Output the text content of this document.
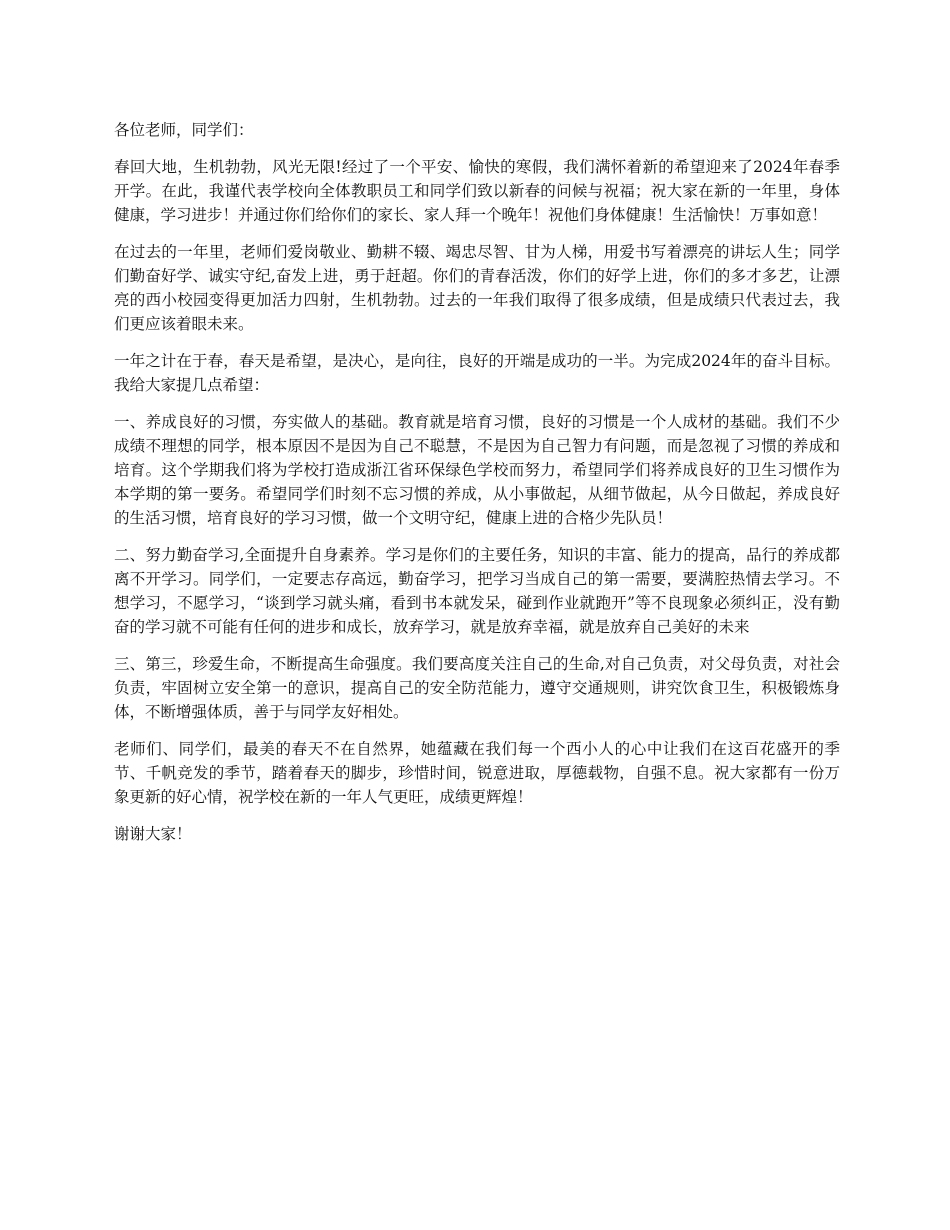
各位老师，同学们：

春回大地，生机勃勃，风光无限!经过了一个平安、愉快的寒假，我们满怀着新的希望迎来了2024年春季开学。在此，我谨代表学校向全体教职员工和同学们致以新春的问候与祝福；祝大家在新的一年里，身体健康，学习进步！并通过你们给你们的家长、家人拜一个晚年！祝他们身体健康！生活愉快！万事如意！

在过去的一年里，老师们爱岗敬业、勤耕不辍、竭忠尽智、甘为人梯，用爱书写着漂亮的讲坛人生；同学们勤奋好学、诚实守纪,奋发上进，勇于赶超。你们的青春活泼，你们的好学上进，你们的多才多艺，让漂亮的西小校园变得更加活力四射，生机勃勃。过去的一年我们取得了很多成绩，但是成绩只代表过去，我们更应该着眼未来。

一年之计在于春，春天是希望，是决心，是向往，良好的开端是成功的一半。为完成2024年的奋斗目标。我给大家提几点希望：

一、养成良好的习惯，夯实做人的基础。教育就是培育习惯，良好的习惯是一个人成材的基础。我们不少成绩不理想的同学，根本原因不是因为自己不聪慧，不是因为自己智力有问题，而是忽视了习惯的养成和培育。这个学期我们将为学校打造成浙江省环保绿色学校而努力，希望同学们将养成良好的卫生习惯作为本学期的第一要务。希望同学们时刻不忘习惯的养成，从小事做起，从细节做起，从今日做起，养成良好的生活习惯，培育良好的学习习惯，做一个文明守纪，健康上进的合格少先队员！

二、努力勤奋学习,全面提升自身素养。学习是你们的主要任务，知识的丰富、能力的提高，品行的养成都离不开学习。同学们，一定要志存高远，勤奋学习，把学习当成自己的第一需要，要满腔热情去学习。不想学习，不愿学习，“谈到学习就头痛，看到书本就发呆，碰到作业就跑开”等不良现象必须纠正，没有勤奋的学习就不可能有任何的进步和成长，放弃学习，就是放弃幸福，就是放弃自己美好的未来

三、第三，珍爱生命，不断提高生命强度。我们要高度关注自己的生命,对自己负责，对父母负责，对社会负责，牢固树立安全第一的意识，提高自己的安全防范能力，遵守交通规则，讲究饮食卫生，积极锻炼身体，不断增强体质，善于与同学友好相处。

老师们、同学们，最美的春天不在自然界，她蕴藏在我们每一个西小人的心中让我们在这百花盛开的季节、千帆竞发的季节，踏着春天的脚步，珍惜时间，锐意进取，厚德载物，自强不息。祝大家都有一份万象更新的好心情，祝学校在新的一年人气更旺，成绩更辉煌！

谢谢大家！
